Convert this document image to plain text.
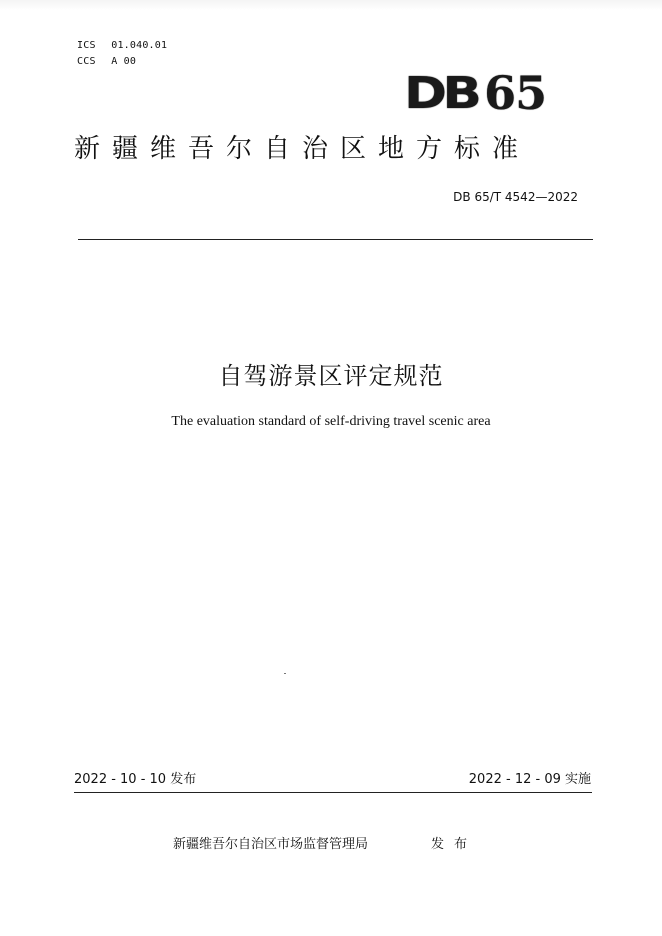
ICS 01.040.01
CCS A 00
DB 65
新疆维吾尔自治区地方标准
DB 65/T 4542—2022
自驾游景区评定规范
The evaluation standard of self-driving travel scenic area
2022 - 10 - 10 发布	2022 - 12 - 09 实施
新疆维吾尔自治区市场监督管理局	发布
